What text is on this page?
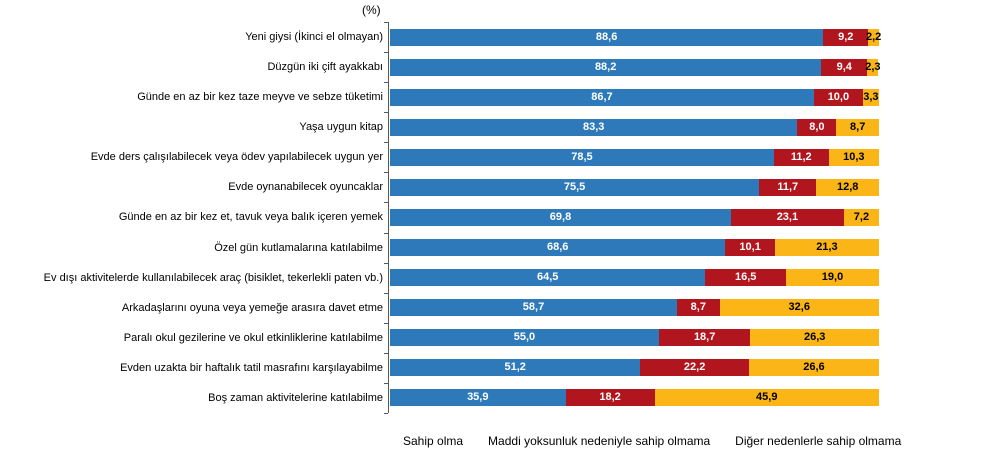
(%)
Yeni giysi (İkinci el olmayan)	88,6	9,2 2,2
Düzgün iki çift ayakkabı	88,2	9,4 2,3
Günde en az bir kez taze meyve ve sebze tüketimi	86,7	10,0 3,3
Yaşa uygun kitap	83,3	8,0 8,7
Evde ders çalışılabilecek veya ödev yapılabilecek uygun yer	78,5	11,2	10,3
Evde oynanabilecek oyuncaklar	75,5	11,7	12,8
Günde en az bir kez et, tavuk veya balık içeren yemek	69,8	23,1	7,2
Özel gün kutlamalarına katılabilme	68,6	10,1	21,3
Ev dışı aktivitelerde kullanılabilecek araç (bisiklet, tekerlekli paten vb.)	64,5	16,5	19,0
Arkadaşlarını oyuna veya yemeğe arasıra davet etme	58,7	8,7	32,6
Paralı okul gezilerine ve okul etkinliklerine katılabilme	55,0	18,7	26,3
Evden uzakta bir haftalık tatil masrafını karşılayabilme	51,2	22,2	26,6
Boş zaman aktivitelerine katılabilme	35,9	18,2	45,9
Sahip olma Maddi yoksunluk nedeniyle sahip olmama Diğer nedenlerle sahip olmama
